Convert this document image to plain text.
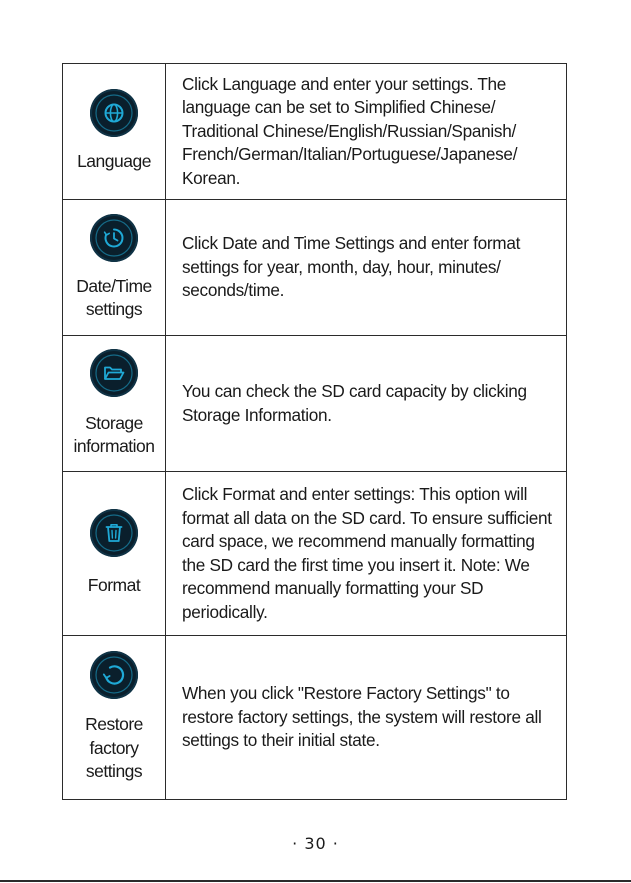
Language	Click Language and enter your settings. The language can be set to Simplified Chinese/ Traditional Chinese/English/Russian/Spanish/ French/German/Italian/Portuguese/Japanese/ Korean.

Date/Time
settings	Click Date and Time Settings and enter format settings for year, month, day, hour, minutes/ seconds/time.

Storage
information	You can check the SD card capacity by clicking Storage Information.

Format	Click Format and enter settings: This option will format all data on the SD card. To ensure sufficient card space, we recommend manually formatting the SD card the first time you insert it. Note: We recommend manually formatting your SD periodically.

Restore
factory
settings	When you click "Restore Factory Settings" to restore factory settings, the system will restore all settings to their initial state.
· 30 ·
